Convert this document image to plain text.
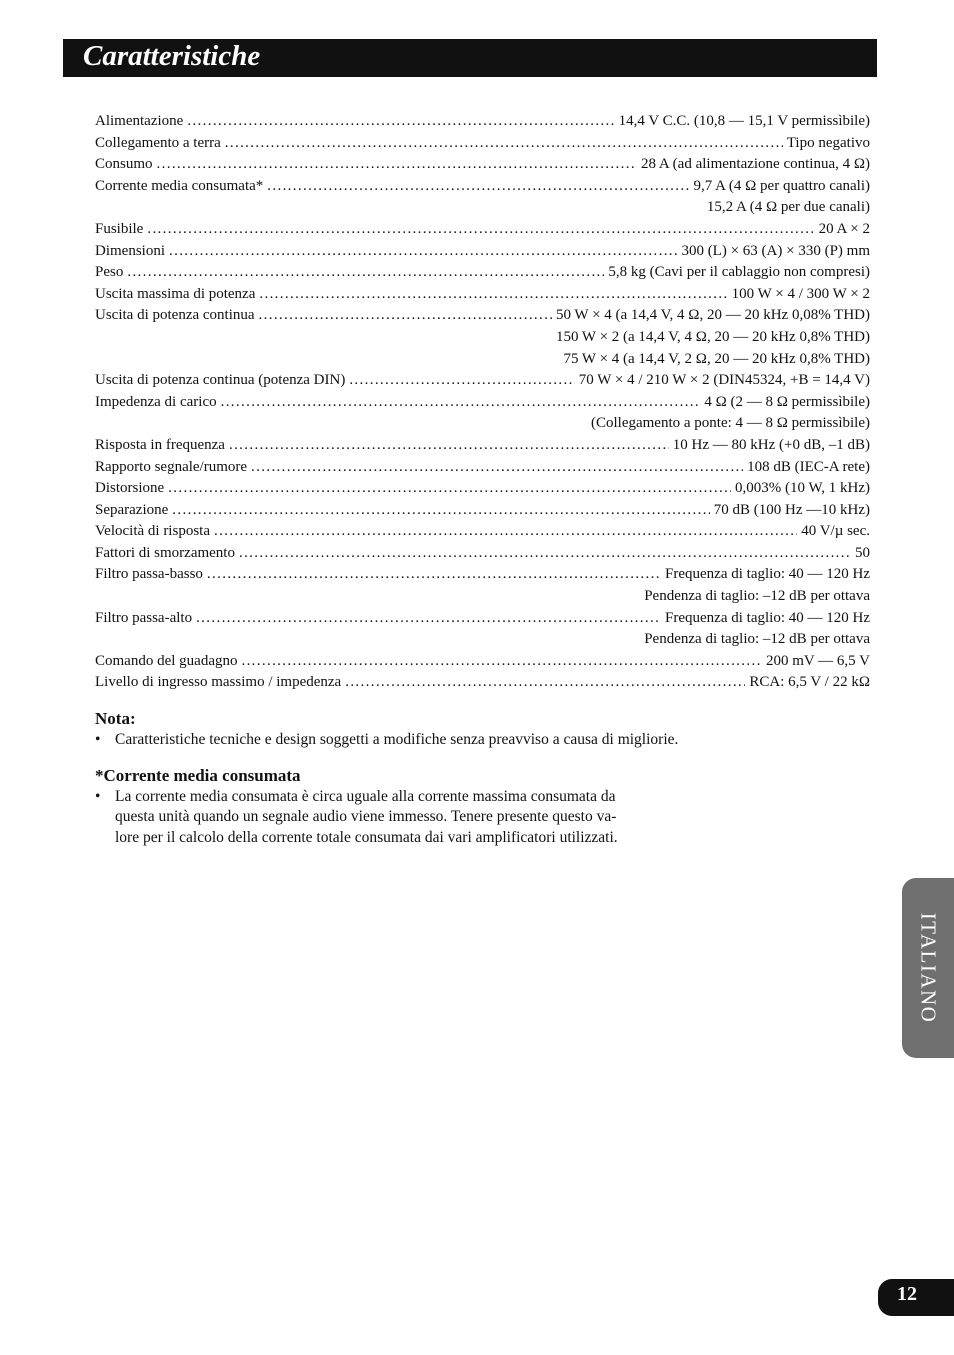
Caratteristiche
Alimentazione . . .	14,4 V C.C. (10,8 — 15,1 V permissìbile)
Collegamento a terra . . .	Tipo negativo
Consumo . . .	28 A (ad alimentazione continua, 4 Ω)
Corrente media consumata* . . .	9,7 A (4 Ω per quattro canali)
15,2 A (4 Ω per due canali)
Fusibile . . .	20 A × 2
Dimensioni . . .	300 (L) × 63 (A) × 330 (P) mm
Peso . . .	5,8 kg (Cavi per il cablaggio non compresi)
Uscita massima di potenza . . .	100 W × 4 / 300 W × 2
Uscita di potenza continua . . .	50 W × 4 (a 14,4 V, 4 Ω, 20 — 20 kHz 0,08% THD)
150 W × 2 (a 14,4 V, 4 Ω, 20 — 20 kHz 0,8% THD)
75 W × 4 (a 14,4 V, 2 Ω, 20 — 20 kHz 0,8% THD)
Uscita di potenza continua (potenza DIN) . . .	70 W × 4 / 210 W × 2 (DIN45324, +B = 14,4 V)
Impedenza di carico . . .	4 Ω (2 — 8 Ω permissìbile)
(Collegamento a ponte: 4 — 8 Ω permissìbile)
Risposta in frequenza . . .	10 Hz — 80 kHz (+0 dB, –1 dB)
Rapporto segnale/rumore . . .	108 dB (IEC-A rete)
Distorsione . . .	0,003% (10 W, 1 kHz)
Separazione . . .	70 dB (100 Hz —10 kHz)
Velocità di risposta . . .	40 V/µ sec.
Fattori di smorzamento . . .	50
Filtro passa-basso . . .	Frequenza di taglio: 40 — 120 Hz
Pendenza di taglio: –12 dB per ottava
Filtro passa-alto . . .	Frequenza di taglio: 40 — 120 Hz
Pendenza di taglio: –12 dB per ottava
Comando del guadagno . . .	200 mV — 6,5 V
Livello di ingresso massimo / impedenza . . .	RCA: 6,5 V / 22 kΩ
Nota:
• Caratteristiche tecniche e design soggetti a modifiche senza preavviso a causa di migliorie.
*Corrente media consumata
• La corrente media consumata è circa uguale alla corrente massima consumata da
questa unità quando un segnale audio viene immesso. Tenere presente questo va-
lore per il calcolo della corrente totale consumata dai vari amplificatori utilizzati.
ITALIANO
12
